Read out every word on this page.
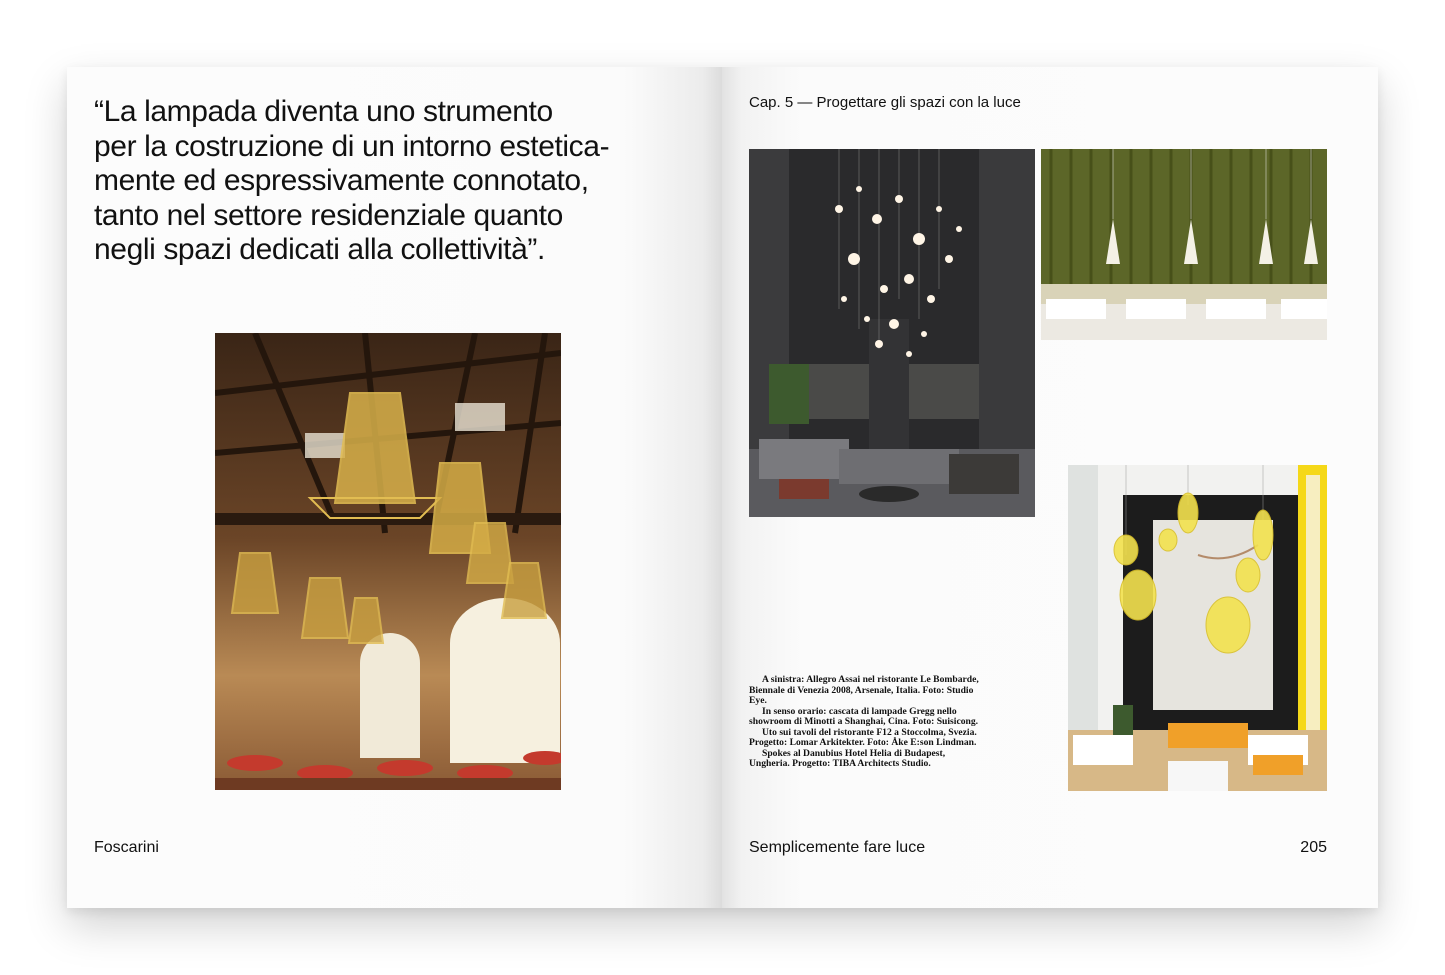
“La lampada diventa uno strumento
per la costruzione di un intorno estetica-
mente ed espressivamente connotato,
tanto nel settore residenziale quanto
negli spazi dedicati alla collettività”.

Foscarini

Cap. 5 — Progettare gli spazi con la luce

A sinistra: Allegro Assai nel ristorante Le Bombarde, Biennale di Venezia 2008, Arsenale, Italia. Foto: Studio Eye.

In senso orario: cascata di lampade Gregg nello showroom di Minotti a Shanghai, Cina. Foto: Suisicong.

Uto sui tavoli del ristorante F12 a Stoccolma, Svezia. Progetto: Lomar Arkitekter. Foto: Åke E:son Lindman.

Spokes al Danubius Hotel Helia di Budapest, Ungheria. Progetto: TIBA Architects Studio.

Semplicemente fare luce	205
